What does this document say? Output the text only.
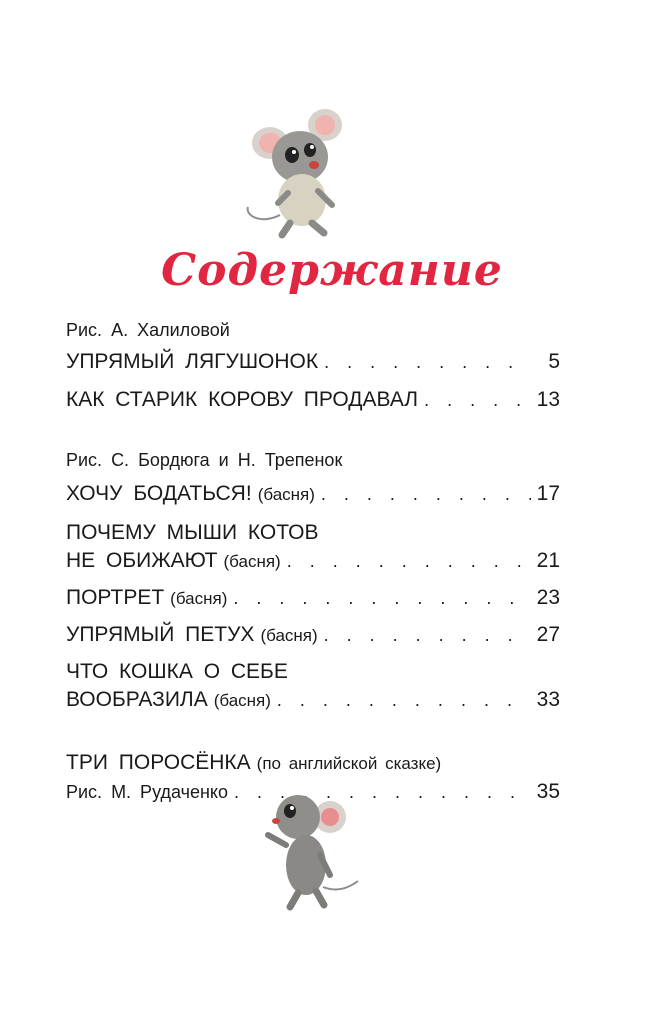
Содержание
Рис. А. Халиловой
УПРЯМЫЙ ЛЯГУШОНОК . . .	5
КАК СТАРИК КОРОВУ ПРОДАВАЛ . . .	13
Рис. С. Бордюга и Н. Трепенок
ХОЧУ БОДАТЬСЯ! (басня) . . .	17
ПОЧЕМУ МЫШИ КОТОВ
НЕ ОБИЖАЮТ (басня) . . .	21
ПОРТРЕТ (басня) . . .	23
УПРЯМЫЙ ПЕТУХ (басня) . . .	27
ЧТО КОШКА О СЕБЕ
ВООБРАЗИЛА (басня) . . .	33
ТРИ ПОРОСЁНКА (по английской сказке)
Рис. М. Рудаченко . . .	35
